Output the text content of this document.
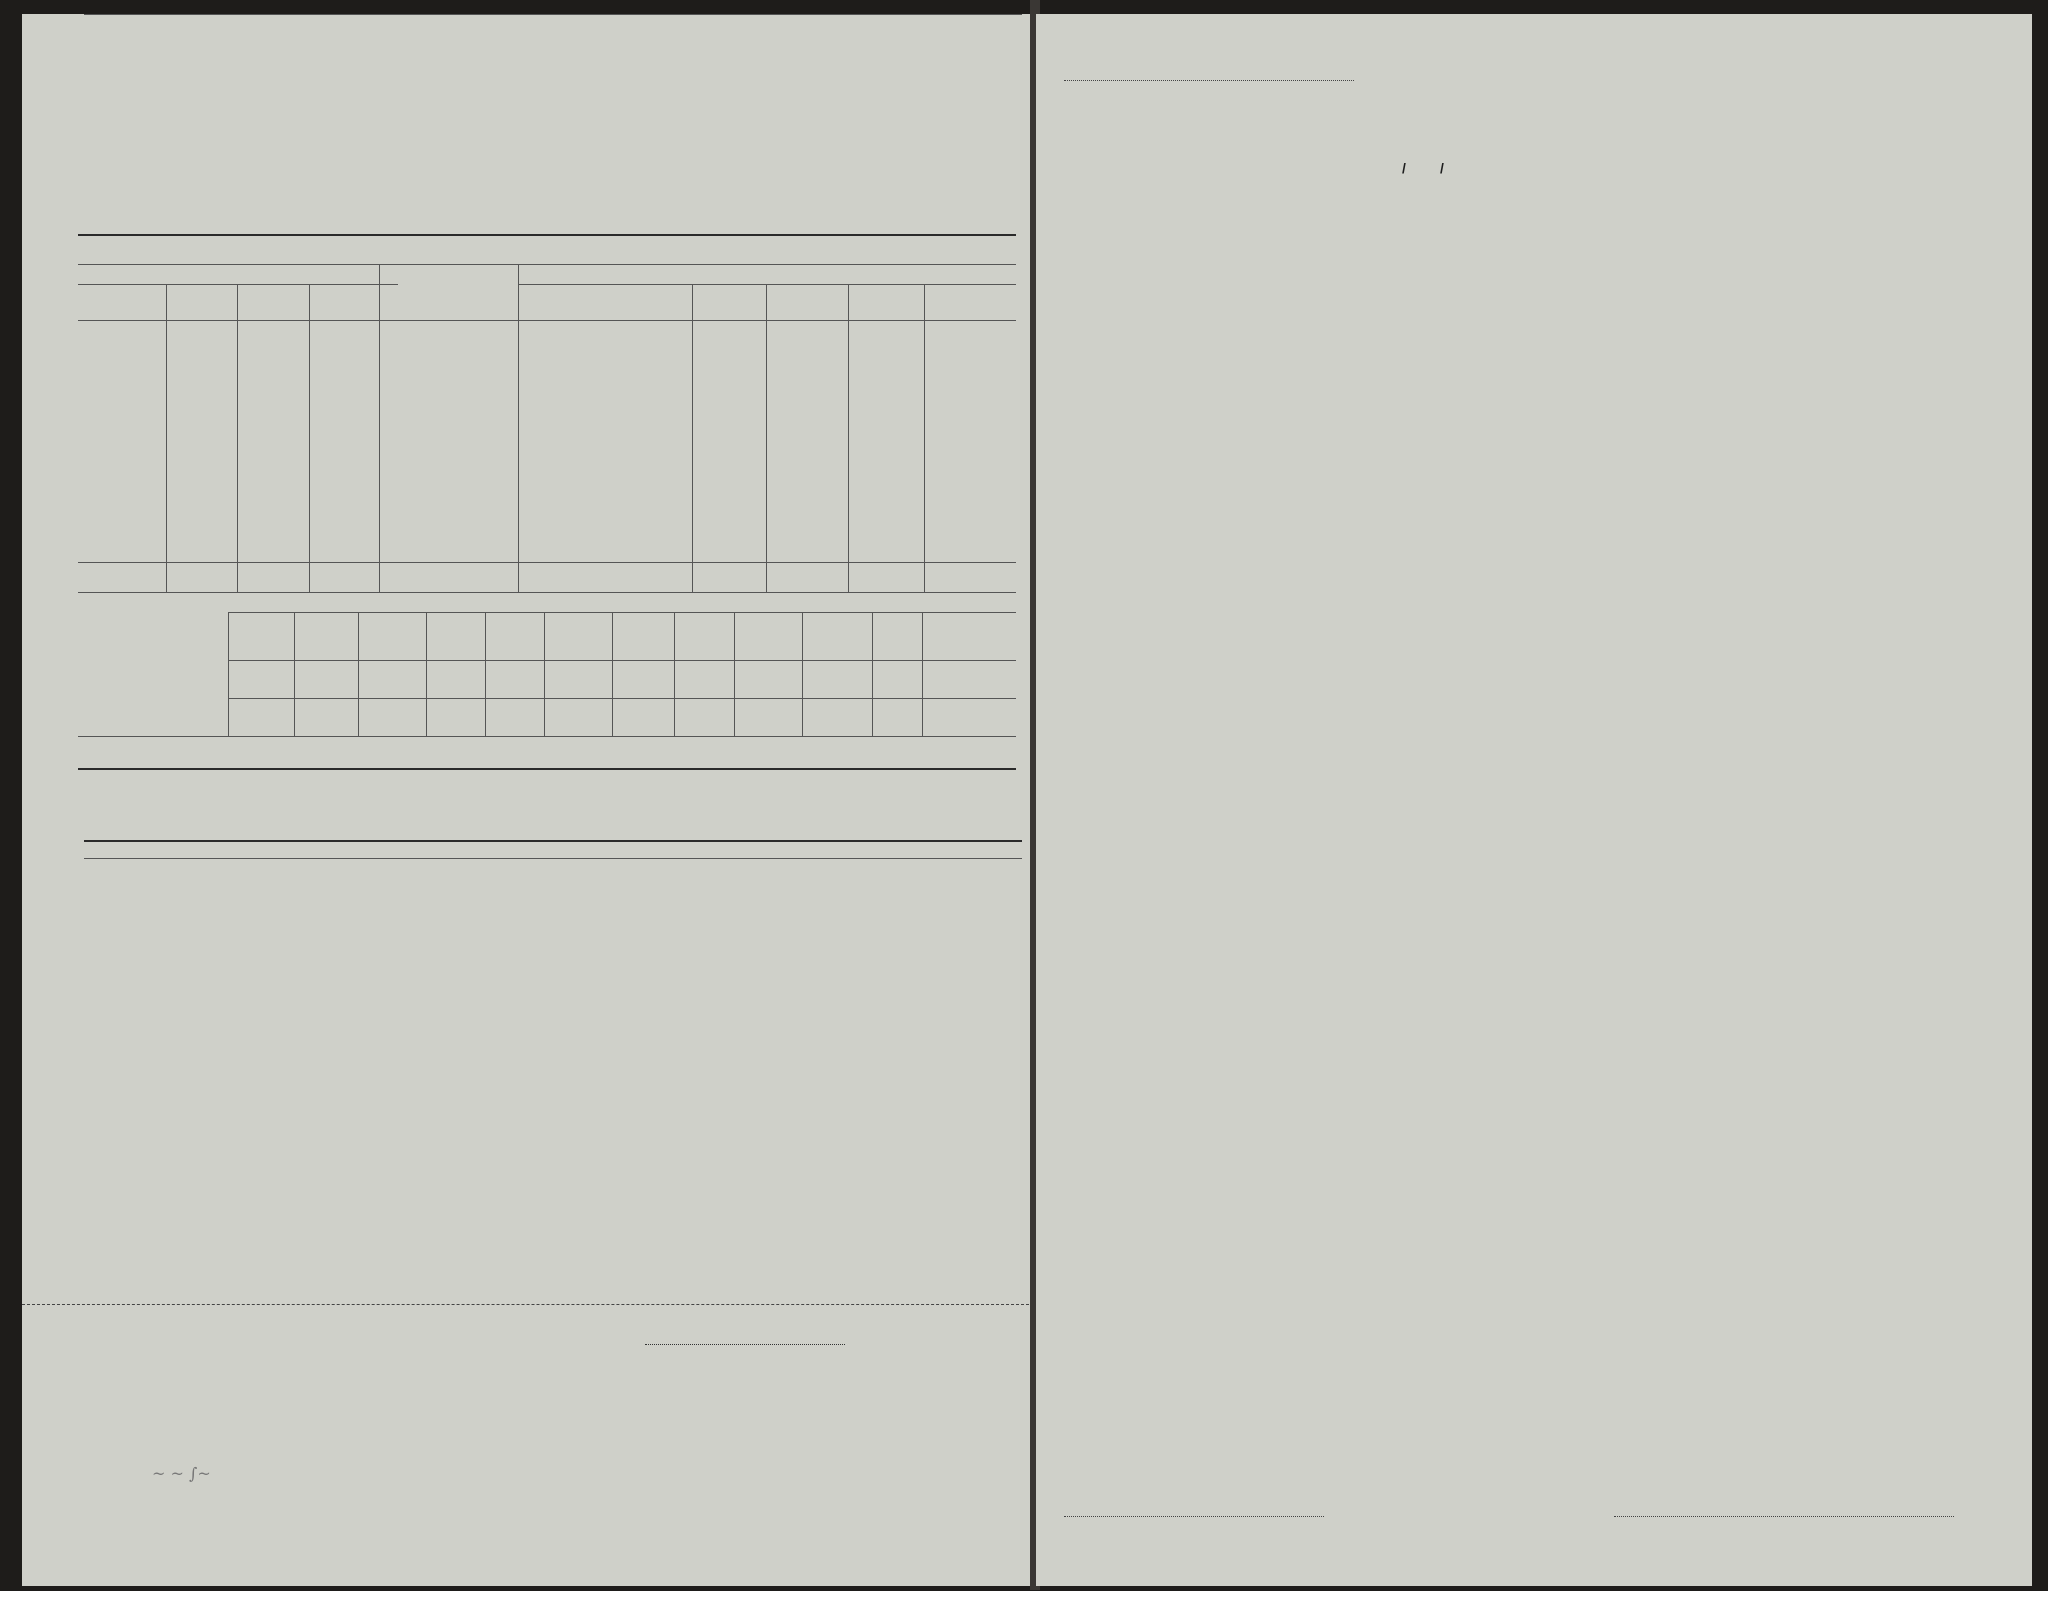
~ ~ ∫~
/ /
